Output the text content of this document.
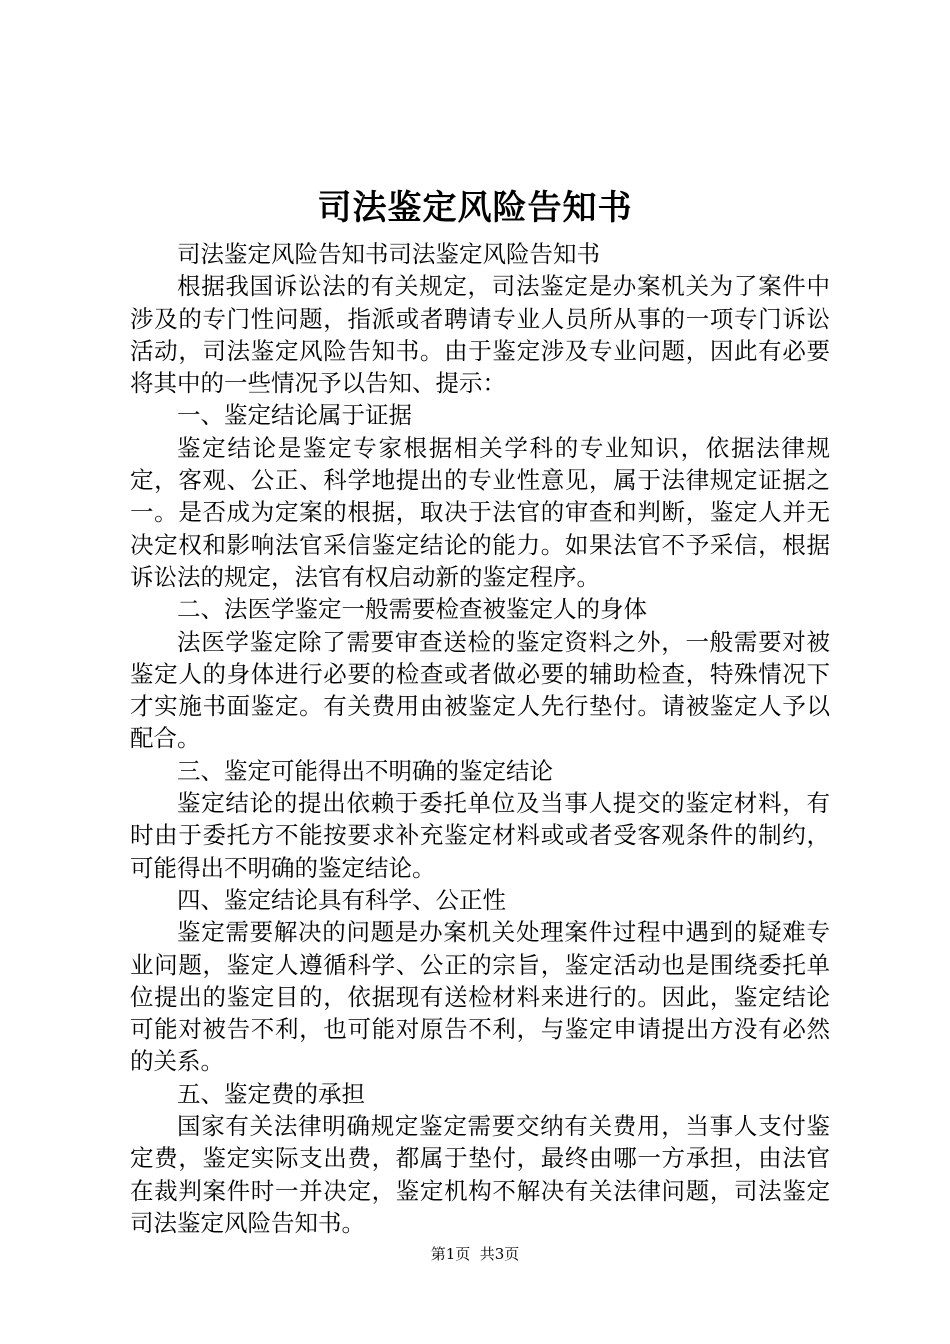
司法鉴定风险告知书

司法鉴定风险告知书司法鉴定风险告知书

根据我国诉讼法的有关规定，司法鉴定是办案机关为了案件中涉及的专门性问题，指派或者聘请专业人员所从事的一项专门诉讼活动，司法鉴定风险告知书。由于鉴定涉及专业问题，因此有必要将其中的一些情况予以告知、提示：

一、鉴定结论属于证据

鉴定结论是鉴定专家根据相关学科的专业知识，依据法律规定，客观、公正、科学地提出的专业性意见，属于法律规定证据之一。是否成为定案的根据，取决于法官的审查和判断，鉴定人并无决定权和影响法官采信鉴定结论的能力。如果法官不予采信，根据诉讼法的规定，法官有权启动新的鉴定程序。

二、法医学鉴定一般需要检查被鉴定人的身体

法医学鉴定除了需要审查送检的鉴定资料之外，一般需要对被鉴定人的身体进行必要的检查或者做必要的辅助检查，特殊情况下才实施书面鉴定。有关费用由被鉴定人先行垫付。请被鉴定人予以配合。

三、鉴定可能得出不明确的鉴定结论

鉴定结论的提出依赖于委托单位及当事人提交的鉴定材料，有时由于委托方不能按要求补充鉴定材料或或者受客观条件的制约，可能得出不明确的鉴定结论。

四、鉴定结论具有科学、公正性

鉴定需要解决的问题是办案机关处理案件过程中遇到的疑难专业问题，鉴定人遵循科学、公正的宗旨，鉴定活动也是围绕委托单位提出的鉴定目的，依据现有送检材料来进行的。因此，鉴定结论可能对被告不利，也可能对原告不利，与鉴定申请提出方没有必然的关系。

五、鉴定费的承担

国家有关法律明确规定鉴定需要交纳有关费用，当事人支付鉴定费，鉴定实际支出费，都属于垫付，最终由哪一方承担，由法官在裁判案件时一并决定，鉴定机构不解决有关法律问题，司法鉴定司法鉴定风险告知书。

第1页  共3页
